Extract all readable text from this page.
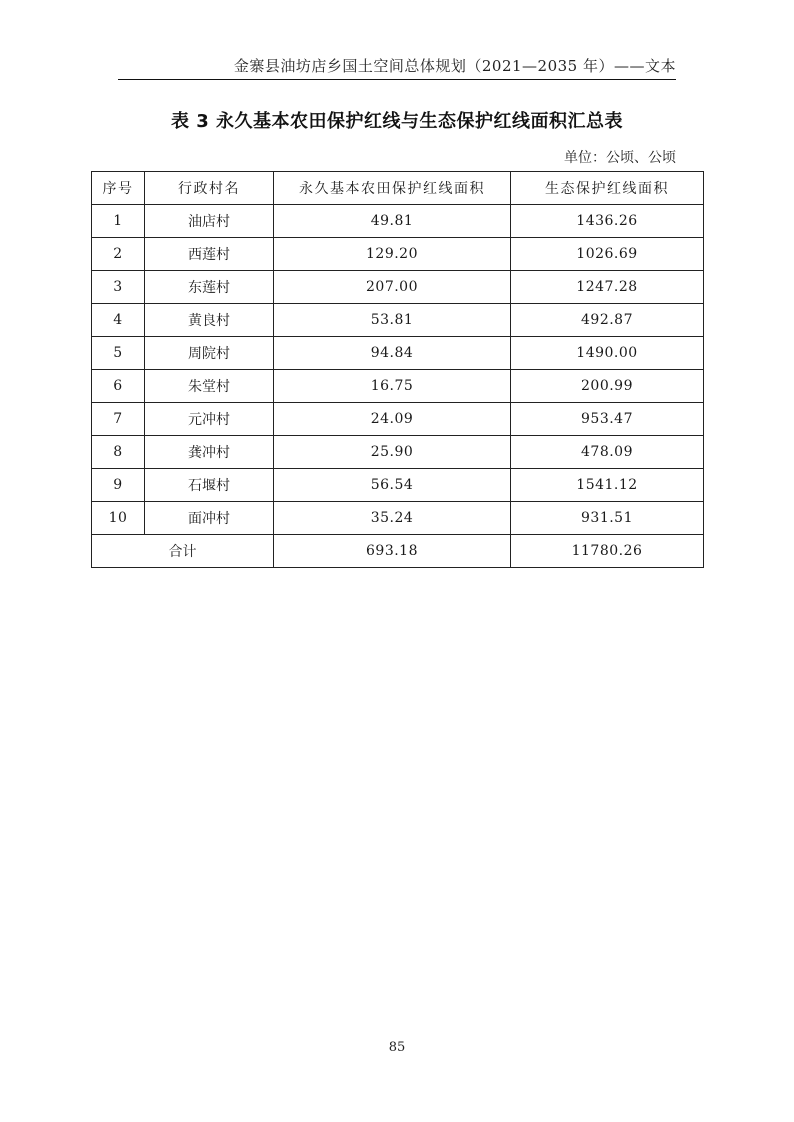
金寨县油坊店乡国土空间总体规划（2021—2035 年）——文本
表 3 永久基本农田保护红线与生态保护红线面积汇总表
单位：公顷、公顷
序号	行政村名	永久基本农田保护红线面积	生态保护红线面积
1	油店村	49.81	1436.26
2	西莲村	129.20	1026.69
3	东莲村	207.00	1247.28
4	黄良村	53.81	492.87
5	周院村	94.84	1490.00
6	朱堂村	16.75	200.99
7	元冲村	24.09	953.47
8	龚冲村	25.90	478.09
9	石堰村	56.54	1541.12
10	面冲村	35.24	931.51
合计		693.18	11780.26
85
